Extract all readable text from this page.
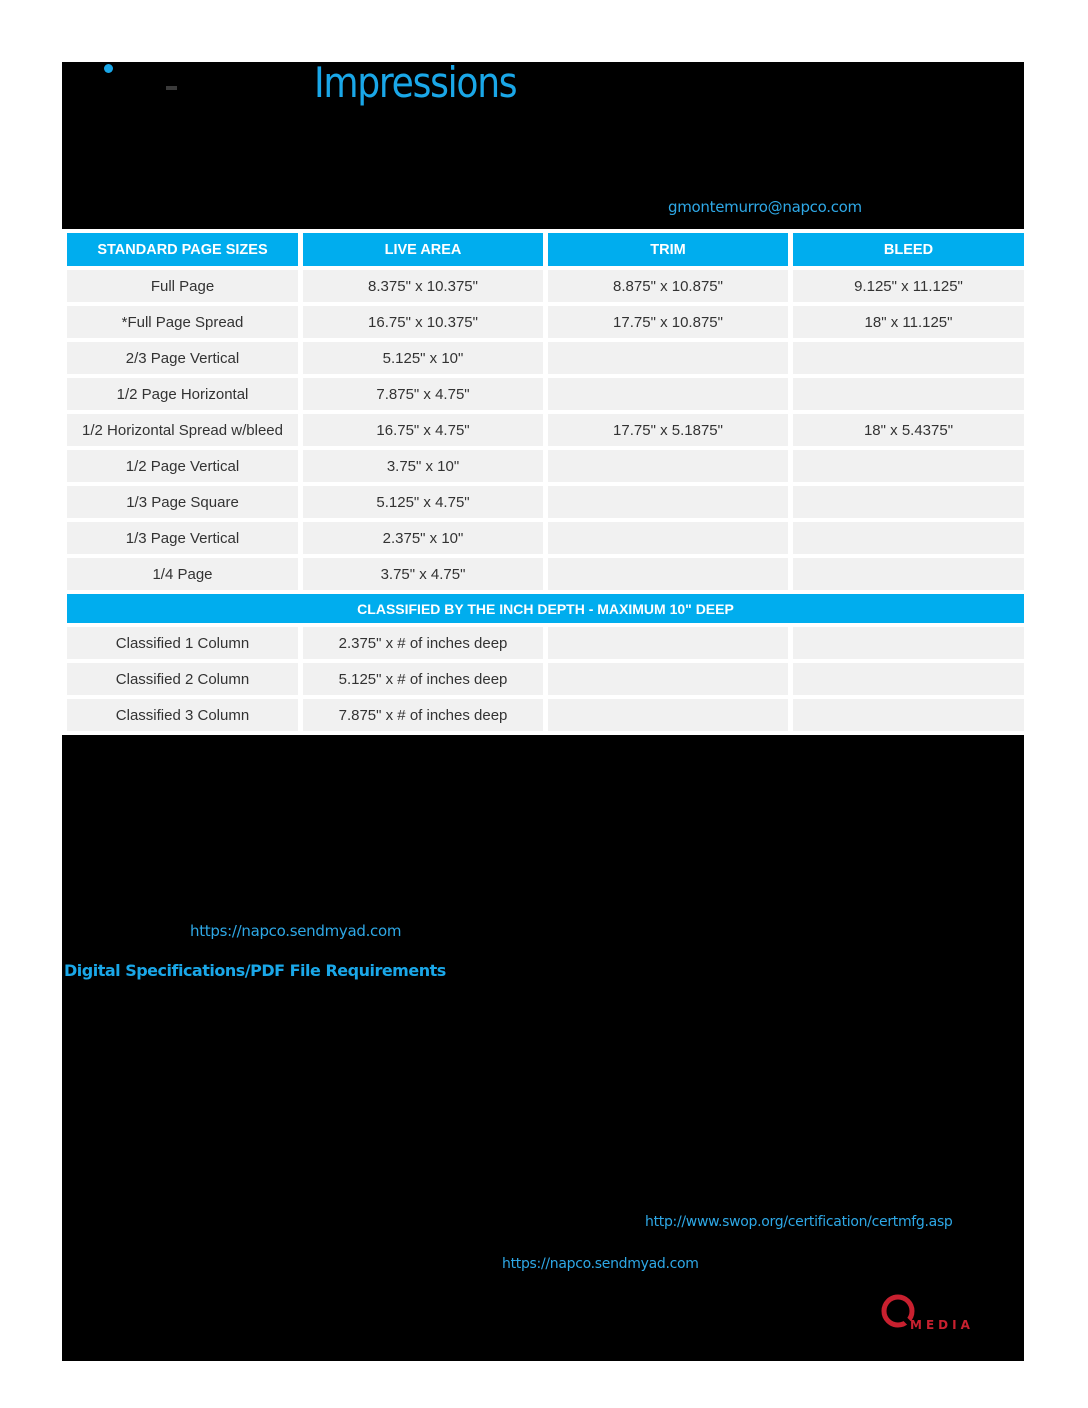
Impressions
gmontemurro@napco.com
STANDARD PAGE SIZES	LIVE AREA	TRIM	BLEED
Full Page	8.375" x 10.375"	8.875" x 10.875"	9.125" x 11.125"
*Full Page Spread	16.75" x 10.375"	17.75" x 10.875"	18" x 11.125"
2/3 Page Vertical	5.125" x 10"		
1/2 Page Horizontal	7.875" x 4.75"		
1/2 Horizontal Spread w/bleed	16.75" x 4.75"	17.75" x 5.1875"	18" x 5.4375"
1/2 Page Vertical	3.75" x 10"		
1/3 Page Square	5.125" x 4.75"		
1/3 Page Vertical	2.375" x 10"		
1/4 Page	3.75" x 4.75"		
CLASSIFIED BY THE INCH DEPTH - MAXIMUM 10" DEEP			
Classified 1 Column	2.375" x # of inches deep		
Classified 2 Column	5.125" x # of inches deep		
Classified 3 Column	7.875" x # of inches deep		
https://napco.sendmyad.com
Digital Specifications/PDF File Requirements
http://www.swop.org/certification/certmfg.asp
https://napco.sendmyad.com
MEDIA
